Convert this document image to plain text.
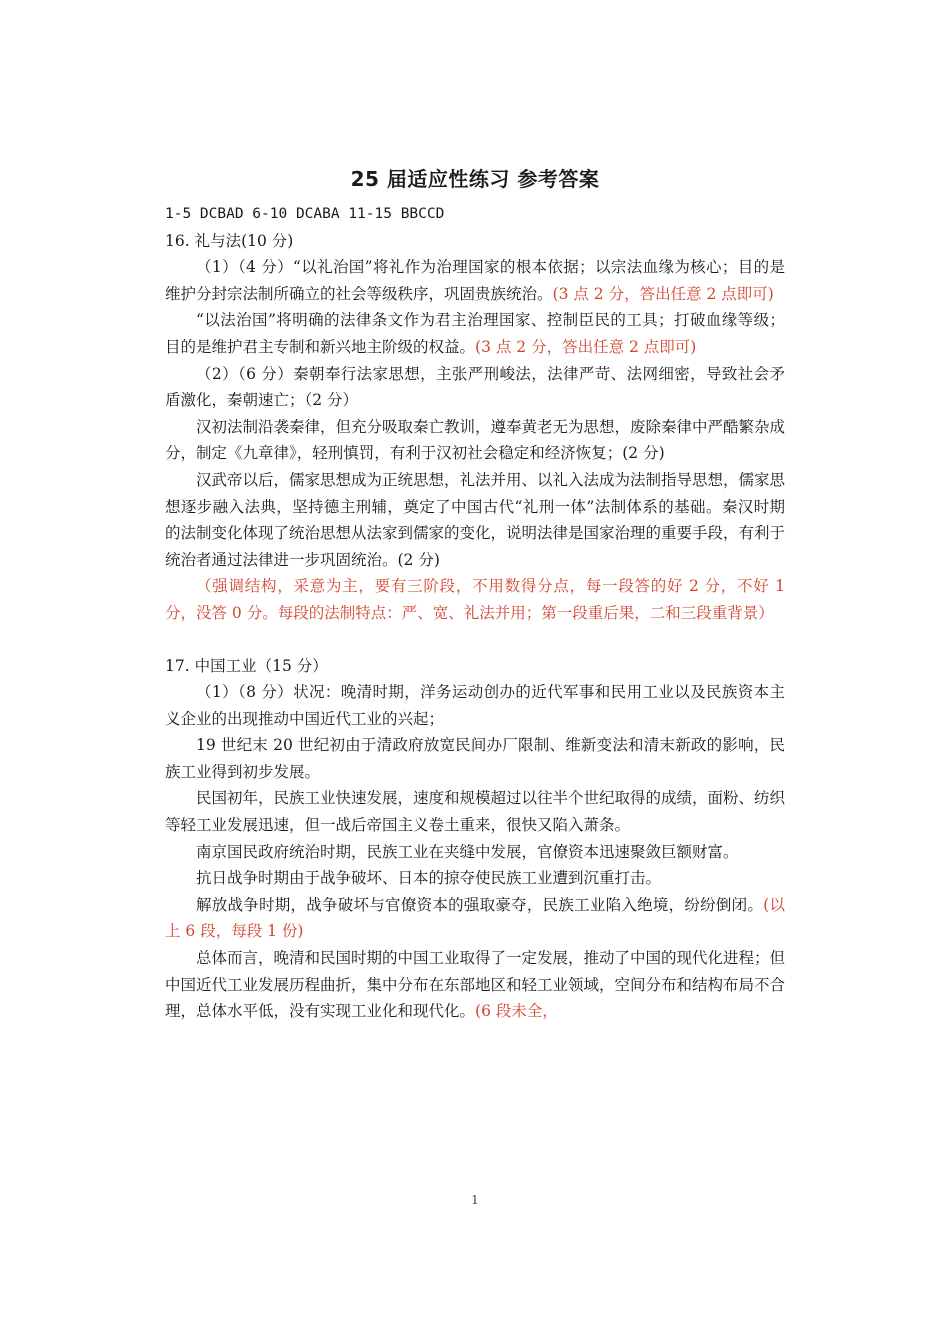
25 届适应性练习 参考答案

1-5 DCBAD 6-10 DCABA 11-15 BBCCD

16. 礼与法(10 分)

（1）（4 分）“以礼治国”将礼作为治理国家的根本依据；以宗法血缘为核心；目的是维护分封宗法制所确立的社会等级秩序，巩固贵族统治。(3 点 2 分，答出任意 2 点即可)

“以法治国”将明确的法律条文作为君主治理国家、控制臣民的工具；打破血缘等级；目的是维护君主专制和新兴地主阶级的权益。(3 点 2 分，答出任意 2 点即可)

（2）（6 分）秦朝奉行法家思想，主张严刑峻法，法律严苛、法网细密，导致社会矛盾激化，秦朝速亡；（2 分）

汉初法制沿袭秦律，但充分吸取秦亡教训，遵奉黄老无为思想，废除秦律中严酷繁杂成分，制定《九章律》，轻刑慎罚，有利于汉初社会稳定和经济恢复；(2 分)

汉武帝以后，儒家思想成为正统思想，礼法并用、以礼入法成为法制指导思想，儒家思想逐步融入法典，坚持德主刑辅，奠定了中国古代“礼刑一体”法制体系的基础。秦汉时期的法制变化体现了统治思想从法家到儒家的变化，说明法律是国家治理的重要手段，有利于统治者通过法律进一步巩固统治。(2 分)

（强调结构，采意为主，要有三阶段，不用数得分点，每一段答的好 2 分，不好 1 分，没答 0 分。每段的法制特点：严、宽、礼法并用；第一段重后果，二和三段重背景）

17. 中国工业（15 分）

（1）（8 分）状况：晚清时期，洋务运动创办的近代军事和民用工业以及民族资本主义企业的出现推动中国近代工业的兴起；

19 世纪末 20 世纪初由于清政府放宽民间办厂限制、维新变法和清末新政的影响，民族工业得到初步发展。

民国初年，民族工业快速发展，速度和规模超过以往半个世纪取得的成绩，面粉、纺织等轻工业发展迅速，但一战后帝国主义卷土重来，很快又陷入萧条。

南京国民政府统治时期，民族工业在夹缝中发展，官僚资本迅速聚敛巨额财富。

抗日战争时期由于战争破坏、日本的掠夺使民族工业遭到沉重打击。

解放战争时期，战争破坏与官僚资本的强取豪夺，民族工业陷入绝境，纷纷倒闭。(以上 6 段，每段 1 份)

总体而言，晚清和民国时期的中国工业取得了一定发展，推动了中国的现代化进程；但中国近代工业发展历程曲折，集中分布在东部地区和轻工业领域，空间分布和结构布局不合理，总体水平低，没有实现工业化和现代化。(6 段未全，

1
